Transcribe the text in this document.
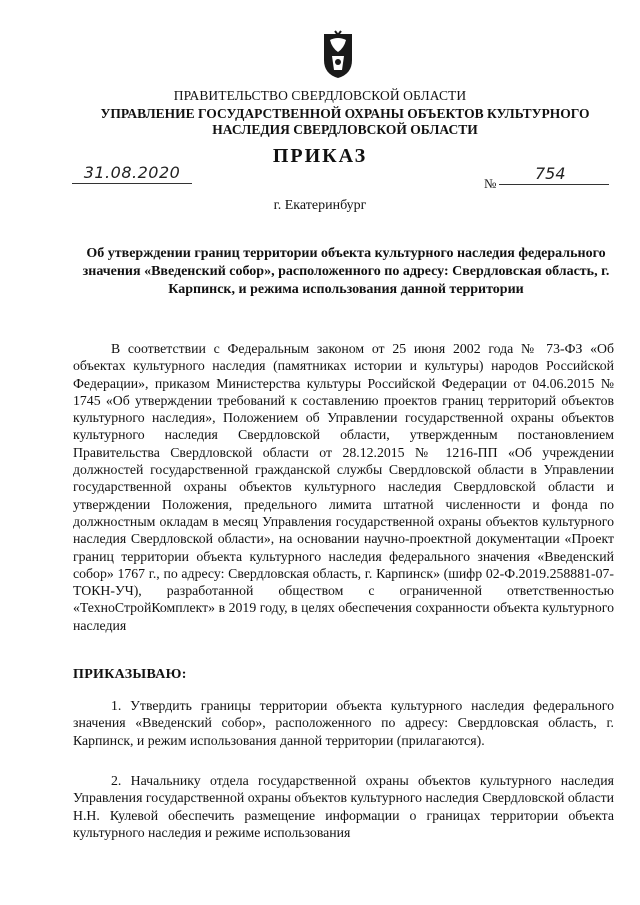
ПРАВИТЕЛЬСТВО СВЕРДЛОВСКОЙ ОБЛАСТИ
УПРАВЛЕНИЕ ГОСУДАРСТВЕННОЙ ОХРАНЫ ОБЪЕКТОВ КУЛЬТУРНОГО НАСЛЕДИЯ СВЕРДЛОВСКОЙ ОБЛАСТИ
ПРИКАЗ
31.08.2020
№
754
г. Екатеринбург
Об утверждении границ территории объекта культурного наследия федерального значения «Введенский собор», расположенного по адресу: Свердловская область, г. Карпинск, и режима использования данной территории

В соответствии с Федеральным законом от 25 июня 2002 года № 73-ФЗ «Об объектах культурного наследия (памятниках истории и культуры) народов Российской Федерации», приказом Министерства культуры Российской Федерации от 04.06.2015 № 1745 «Об утверждении требований к составлению проектов границ территорий объектов культурного наследия», Положением об Управлении государственной охраны объектов культурного наследия Свердловской области, утвержденным постановлением Правительства Свердловской области от 28.12.2015 № 1216-ПП «Об учреждении должностей государственной гражданской службы Свердловской области в Управлении государственной охраны объектов культурного наследия Свердловской области и утверждении Положения, предельного лимита штатной численности и фонда по должностным окладам в месяц Управления государственной охраны объектов культурного наследия Свердловской области», на основании научно-проектной документации «Проект границ территории объекта культурного наследия федерального значения «Введенский собор» 1767 г., по адресу: Свердловская область, г. Карпинск» (шифр 02-Ф.2019.258881-07-ТОКН-УЧ), разработанной обществом с ограниченной ответственностью «ТехноСтройКомплект» в 2019 году, в целях обеспечения сохранности объекта культурного наследия

ПРИКАЗЫВАЮ:

1. Утвердить границы территории объекта культурного наследия федерального значения «Введенский собор», расположенного по адресу: Свердловская область, г. Карпинск, и режим использования данной территории (прилагаются).

2. Начальнику отдела государственной охраны объектов культурного наследия Управления государственной охраны объектов культурного наследия Свердловской области Н.Н. Кулевой обеспечить размещение информации о границах территории объекта культурного наследия и режиме использования
